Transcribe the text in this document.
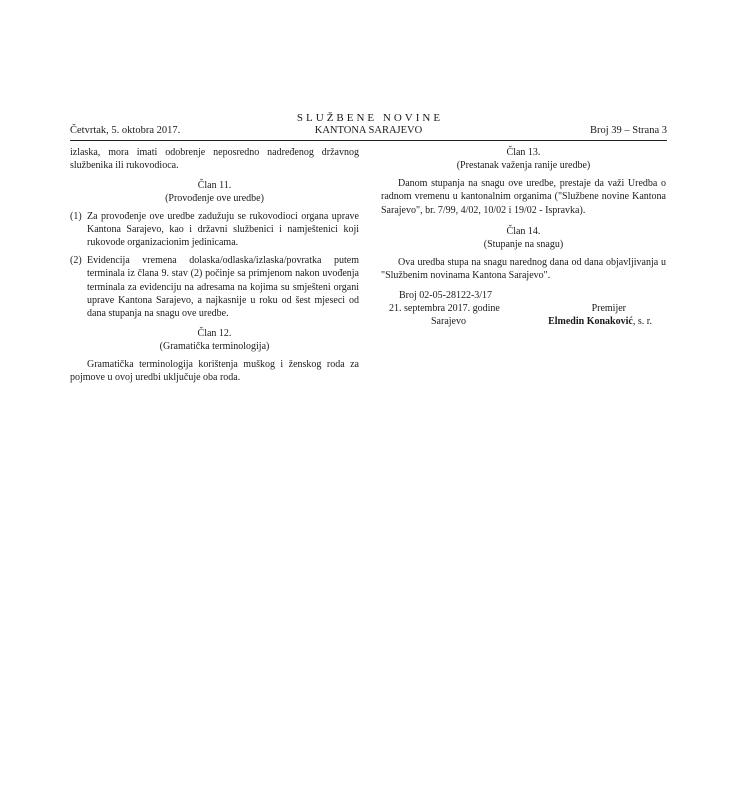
SLUŽBENE NOVINE
Četvrtak, 5. oktobra 2017.	KANTONA SARAJEVO	Broj 39 – Strana 3

izlaska, mora imati odobrenje neposredno nadređenog državnog službenika ili rukovodioca.

Član 11.

(Provođenje ove uredbe)

(1) Za provođenje ove uredbe zadužuju se rukovodioci organa uprave Kantona Sarajevo, kao i državni službenici i namještenici koji rukovode organizacionim jedinicama.
(2) Evidencija vremena dolaska/odlaska/izlaska/povratka putem terminala iz člana 9. stav (2) počinje sa primjenom nakon uvođenja terminala za evidenciju na adresama na kojima su smješteni organi uprave Kantona Sarajevo, a najkasnije u roku od šest mjeseci od dana stupanja na snagu ove uredbe.

Član 12.

(Gramatička terminologija)

Gramatička terminologija korištenja muškog i ženskog roda za pojmove u ovoj uredbi uključuje oba roda.

Član 13.

(Prestanak važenja ranije uredbe)

Danom stupanja na snagu ove uredbe, prestaje da važi Uredba o radnom vremenu u kantonalnim organima ("Službene novine Kantona Sarajevo", br. 7/99, 4/02, 10/02 i 19/02 - Ispravka).

Član 14.

(Stupanje na snagu)

Ova uredba stupa na snagu narednog dana od dana objavljivanja u "Službenim novinama Kantona Sarajevo".

Broj 02-05-28122-3/17
21. septembra 2017. godine	Premijer
Sarajevo	Elmedin Konaković, s. r.
